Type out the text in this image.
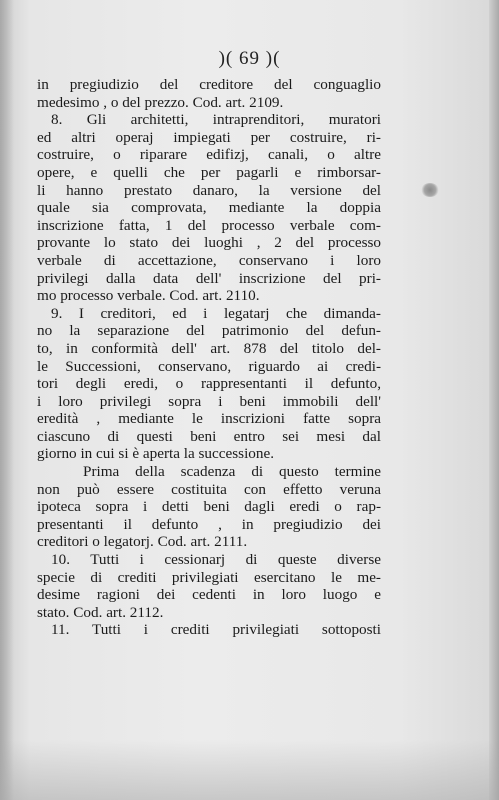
)( 69 )(
in pregiudizio del creditore del conguaglio
medesimo , o del prezzo. Cod. art. 2109.
8. Gli architetti, intraprenditori, muratori
ed altri operaj impiegati per costruire, ri-
costruire, o riparare edifizj, canali, o altre
opere, e quelli che per pagarli e rimborsar-
li hanno prestato danaro, la versione del
quale sia comprovata, mediante la doppia
inscrizione fatta, 1 del processo verbale com-
provante lo stato dei luoghi , 2 del processo
verbale di accettazione, conservano i loro
privilegi dalla data dell' inscrizione del pri-
mo processo verbale. Cod. art. 2110.
9. I creditori, ed i legatarj che dimanda-
no la separazione del patrimonio del defun-
to, in conformità dell' art. 878 del titolo del-
le Successioni, conservano, riguardo ai credi-
tori degli eredi, o rappresentanti il defunto,
i loro privilegi sopra i beni immobili dell'
eredità , mediante le inscrizioni fatte sopra
ciascuno di questi beni entro sei mesi dal
giorno in cui si è aperta la successione.
Prima della scadenza di questo termine
non può essere costituita con effetto veruna
ipoteca sopra i detti beni dagli eredi o rap-
presentanti il defunto , in pregiudizio dei
creditori o legatorj. Cod. art. 2111.
10. Tutti i cessionarj di queste diverse
specie di crediti privilegiati esercitano le me-
desime ragioni dei cedenti in loro luogo e
stato. Cod. art. 2112.
11. Tutti i crediti privilegiati sottoposti
